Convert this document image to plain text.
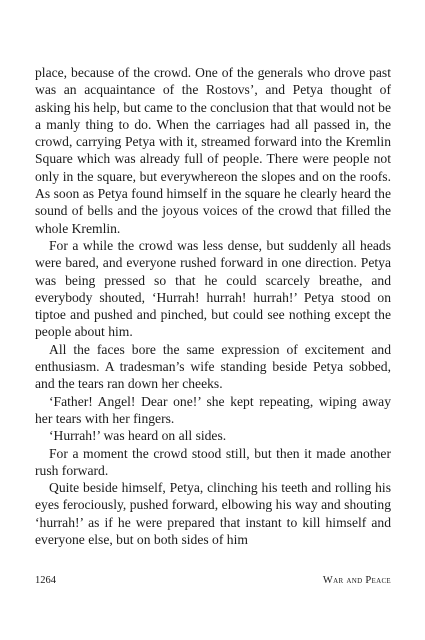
place, because of the crowd. One of the generals who drove past was an acquaintance of the Rostovs’, and Petya thought of asking his help, but came to the conclusion that that would not be a manly thing to do. When the carriages had all passed in, the crowd, carrying Petya with it, streamed forward into the Kremlin Square which was already full of people. There were people not only in the square, but everywhereon the slopes and on the roofs. As soon as Petya found himself in the square he clearly heard the sound of bells and the joyous voices of the crowd that filled the whole Kremlin.

For a while the crowd was less dense, but suddenly all heads were bared, and everyone rushed forward in one direction. Petya was being pressed so that he could scarcely breathe, and everybody shouted, ‘Hurrah! hurrah! hurrah!’ Petya stood on tiptoe and pushed and pinched, but could see nothing except the people about him.

All the faces bore the same expression of excitement and enthusiasm. A tradesman’s wife standing beside Petya sobbed, and the tears ran down her cheeks.

‘Father! Angel! Dear one!’ she kept repeating, wiping away her tears with her fingers.

‘Hurrah!’ was heard on all sides.

For a moment the crowd stood still, but then it made another rush forward.

Quite beside himself, Petya, clinching his teeth and rolling his eyes ferociously, pushed forward, elbowing his way and shouting ‘hurrah!’ as if he were prepared that instant to kill himself and everyone else, but on both sides of him

1264	War and Peace
